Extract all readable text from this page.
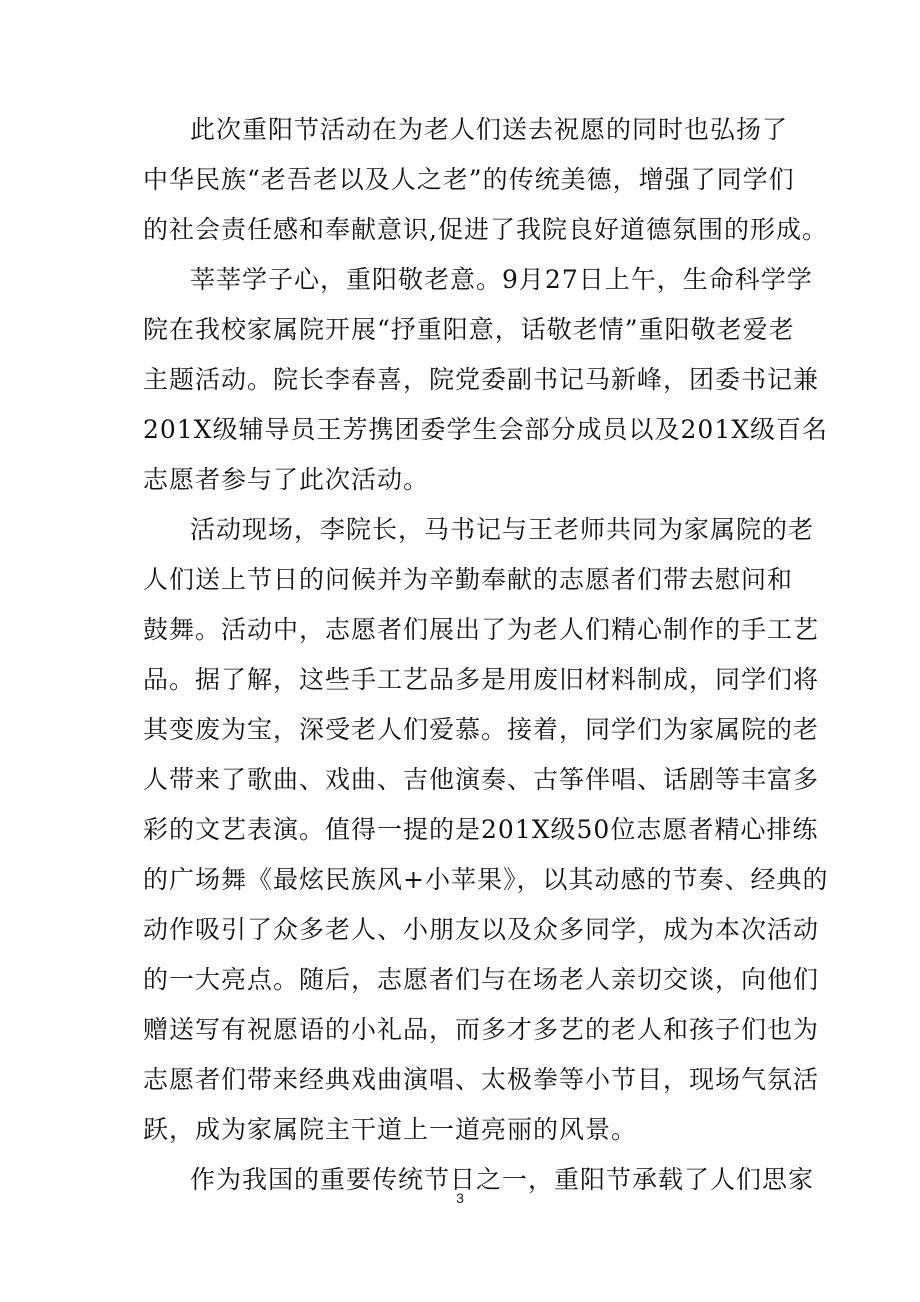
此次重阳节活动在为老人们送去祝愿的同时也弘扬了
中华民族“老吾老以及人之老”的传统美德，增强了同学们
的社会责任感和奉献意识,促进了我院良好道德氛围的形成。
莘莘学子心，重阳敬老意。9月27日上午，生命科学学
院在我校家属院开展“抒重阳意，话敬老情”重阳敬老爱老
主题活动。院长李春喜，院党委副书记马新峰，团委书记兼
201X级辅导员王芳携团委学生会部分成员以及201X级百名
志愿者参与了此次活动。
活动现场，李院长，马书记与王老师共同为家属院的老
人们送上节日的问候并为辛勤奉献的志愿者们带去慰问和
鼓舞。活动中，志愿者们展出了为老人们精心制作的手工艺
品。据了解，这些手工艺品多是用废旧材料制成，同学们将
其变废为宝，深受老人们爱慕。接着，同学们为家属院的老
人带来了歌曲、戏曲、吉他演奏、古筝伴唱、话剧等丰富多
彩的文艺表演。值得一提的是201X级50位志愿者精心排练
的广场舞《最炫民族风+小苹果》，以其动感的节奏、经典的
动作吸引了众多老人、小朋友以及众多同学，成为本次活动
的一大亮点。随后，志愿者们与在场老人亲切交谈，向他们
赠送写有祝愿语的小礼品，而多才多艺的老人和孩子们也为
志愿者们带来经典戏曲演唱、太极拳等小节目，现场气氛活
跃，成为家属院主干道上一道亮丽的风景。
作为我国的重要传统节日之一，重阳节承载了人们思家
3
